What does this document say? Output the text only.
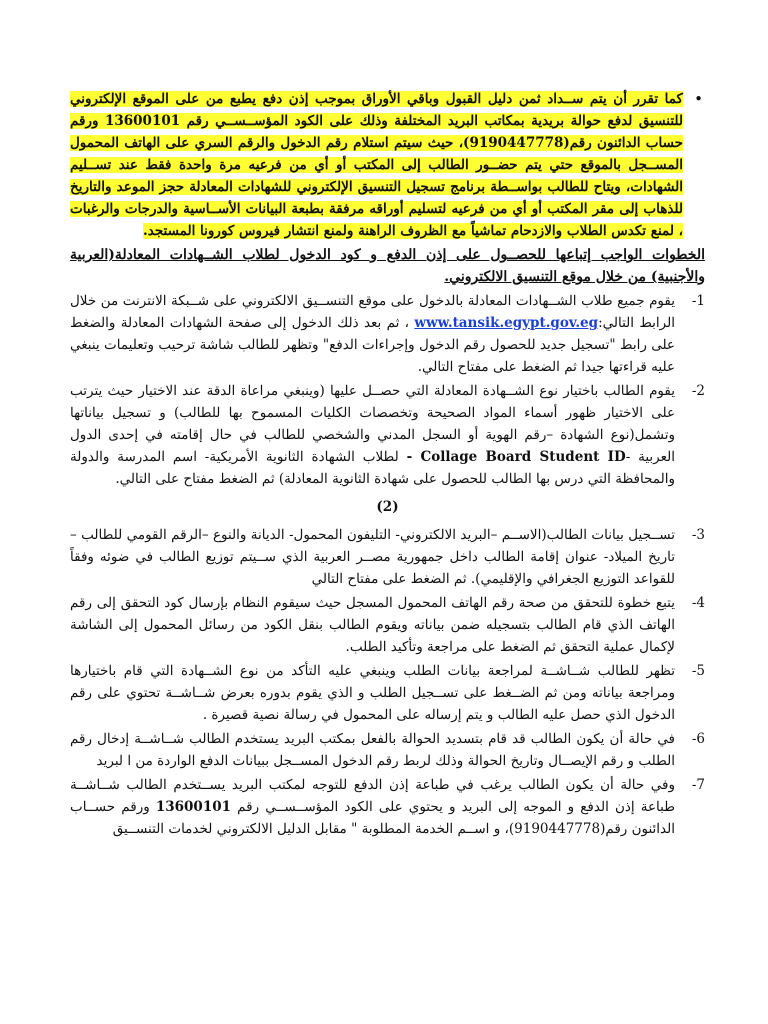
•
كما تقرر أن يتم ســداد ثمن دليل القبول وباقي الأوراق بموجب إذن دفع يطبع من على الموقع الإلكتروني للتنسيق لدفع حوالة بريدية بمكاتب البريد المختلفة وذلك على الكود المؤســســي رقم 13600101 ورقم حساب الدائنون رقم(9190447778)، حيث سيتم استلام رقم الدخول والرقم السري على الهاتف المحمول المســجل بالموقع حتي يتم حضــور الطالب إلى المكتب أو أي من فرعيه مرة واحدة فقط عند تســليم الشهادات، ويتاح للطالب بواســطة برنامج تسجيل التنسيق الإلكتروني للشهادات المعادلة حجز الموعد والتاريخ للذهاب إلى مقر المكتب أو أي من فرعيه لتسليم أوراقه مرفقة بطبعة البيانات الأســاسية والدرجات والرغبات ، لمنع تكدس الطلاب والازدحام تماشياً مع الظروف الراهنة ولمنع انتشار فيروس كورونا المستجد.
الخطوات الواجب إتباعها للحصــول على إذن الدفع و كود الدخول لطلاب الشــهادات المعادلة(العربية والأجنبية) من خلال موقع التنسيق الالكتروني.
-1
يقوم جميع طلاب الشــهادات المعادلة بالدخول على موقع التنســيق الالكتروني على شــبكة الانترنت من خلال الرابط التالي:www.tansik.egypt.gov.eg ، ثم بعد ذلك الدخول إلى صفحة الشهادات المعادلة والضغط على رابط "تسجيل جديد للحصول رقم الدخول وإجراءات الدفع" وتظهر للطالب شاشة ترحيب وتعليمات ينبغي عليه قراءتها جيدا ثم الضغط على مفتاح التالي.
-2
يقوم الطالب باختيار نوع الشــهادة المعادلة التي حصــل عليها (وينبغي مراعاة الدقة عند الاختيار حيث يترتب على الاختيار ظهور أسماء المواد الصحيحة وتخصصات الكليات المسموح بها للطالب) و تسجيل بياناتها وتشمل(نوع الشهادة –رقم الهوية أو السجل المدني والشخصي للطالب في حال إقامته في إحدى الدول العربية -Collage Board Student ID - لطلاب الشهادة الثانوية الأمريكية- اسم المدرسة والدولة والمحافظة التي درس بها الطالب للحصول على شهادة الثانوية المعادلة) ثم الضغط مفتاح على التالي.
(2)
-3
تســجيل بيانات الطالب(الاســم –البريد الالكتروني- التليفون المحمول- الديانة والنوع –الرقم القومي للطالب –تاريخ الميلاد- عنوان إقامة الطالب داخل جمهورية مصــر العربية الذي ســيتم توزيع الطالب في ضوئه وفقاً للقواعد التوزيع الجغرافي والإقليمي). ثم الضغط على مفتاح التالي
-4
يتبع خطوة للتحقق من صحة رقم الهاتف المحمول المسجل حيث سيقوم النظام بإرسال كود التحقق إلى رقم الهاتف الذي قام الطالب بتسجيله ضمن بياناته ويقوم الطالب بنقل الكود من رسائل المحمول إلى الشاشة لإكمال عملية التحقق ثم الضغط على مراجعة وتأكيد الطلب.
-5
تظهر للطالب شــاشــة لمراجعة بيانات الطلب وينبغي عليه التأكد من نوع الشــهادة التي قام باختيارها ومراجعة بياناته ومن ثم الضــغط على تســجيل الطلب و الذي يقوم بدوره بعرض شــاشــة تحتوي على رقم الدخول الذي حصل عليه الطالب و يتم إرساله على المحمول في رسالة نصية قصيرة .
-6
في حالة أن يكون الطالب قد قام بتسديد الحوالة بالفعل بمكتب البريد يستخدم الطالب شــاشــة إدخال رقم الطلب و رقم الإيصــال وتاريخ الحوالة وذلك لربط رقم الدخول المســجل ببيانات الدفع الواردة من ا لبريد
-7
وفي حالة أن يكون الطالب يرغب في طباعة إذن الدفع للتوجه لمكتب البريد يســتخدم الطالب شــاشــة طباعة إذن الدفع و الموجه إلى البريد و يحتوي على الكود المؤســســي رقم 13600101 ورقم حســاب الدائنون رقم(9190447778)، و اســم الخدمة المطلوبة " مقابل الدليل الالكتروني لخدمات التنســيق
